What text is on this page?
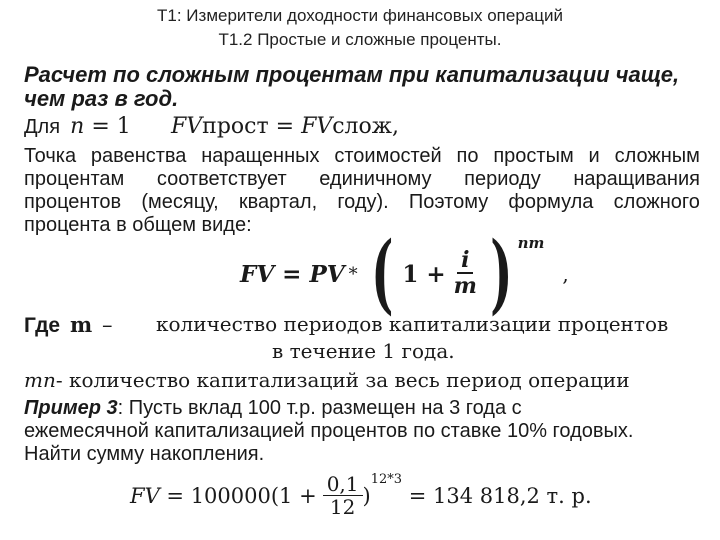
Т1: Измерители доходности финансовых операций
Т1.2 Простые и сложные проценты.
Расчет по сложным процентам при капитализации чаще,
чем раз в год.
Для n = 1 FVпрост = FVслож,
Точка равенства наращенных стоимостей по простым и сложным
процентам соответствует единичному периоду наращивания
процентов (месяцу, квартал, году). Поэтому формула сложного
процента в общем виде:
FV = PV * ( $1 + \frac{i}{m}$ ) nm
,
Где m – количество периодов капитализации процентов
в течение 1 года.
mn- количество капитализаций за весь период операции
Пример 3: Пусть вклад 100 т.р. размещен на 3 года с
ежемесячной капитализацией процентов по ставке 10% годовых.
Найти сумму накопления.
FV = $100000(1 + \frac{0,1}{12}$ )
12*3
= 134 818,2 т. р.
